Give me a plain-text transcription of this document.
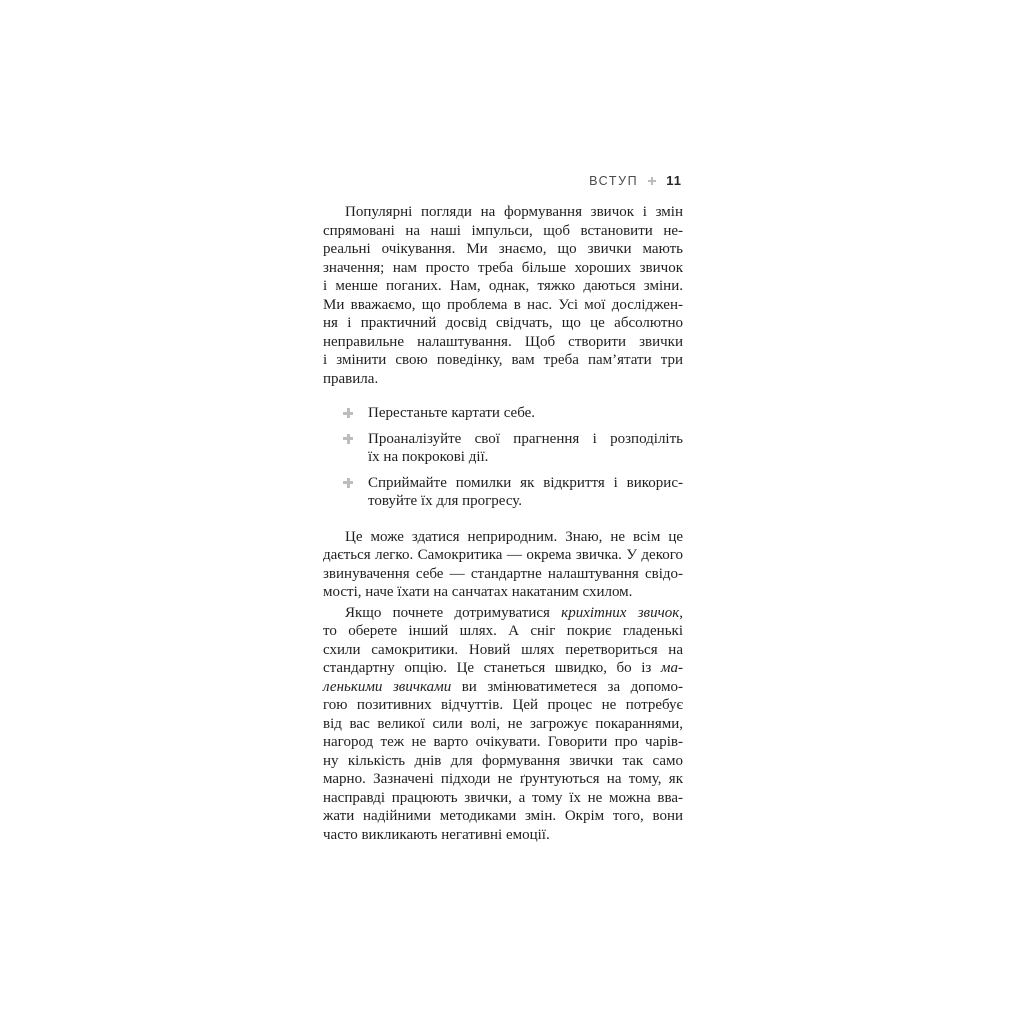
ВСТУП 11
Популярні погляди на формування звичок і змін
спрямовані на наші імпульси, щоб встановити не-
реальні очікування. Ми знаємо, що звички мають
значення; нам просто треба більше хороших звичок
і менше поганих. Нам, однак, тяжко даються зміни.
Ми вважаємо, що проблема в нас. Усі мої досліджен-
ня і практичний досвід свідчать, що це абсолютно
неправильне налаштування. Щоб створити звички
і змінити свою поведінку, вам треба пам’ятати три
правила.
Перестаньте картати себе.
Проаналізуйте свої прагнення і розподіліть
їх на покрокові дії.
Сприймайте помилки як відкриття і викорис-
товуйте їх для прогресу.
Це може здатися неприродним. Знаю, не всім це
дається легко. Самокритика — окрема звичка. У декого
звинувачення себе — стандартне налаштування свідо-
мості, наче їхати на санчатах накатаним схилом.
Якщо почнете дотримуватися крихітних звичок,
то оберете інший шлях. А сніг покриє гладенькі
схили самокритики. Новий шлях перетвориться на
стандартну опцію. Це станеться швидко, бо із ма-
ленькими звичками ви змінюватиметеся за допомо-
гою позитивних відчуттів. Цей процес не потребує
від вас великої сили волі, не загрожує покараннями,
нагород теж не варто очікувати. Говорити про чарів-
ну кількість днів для формування звички так само
марно. Зазначені підходи не ґрунтуються на тому, як
насправді працюють звички, а тому їх не можна вва-
жати надійними методиками змін. Окрім того, вони
часто викликають негативні емоції.
